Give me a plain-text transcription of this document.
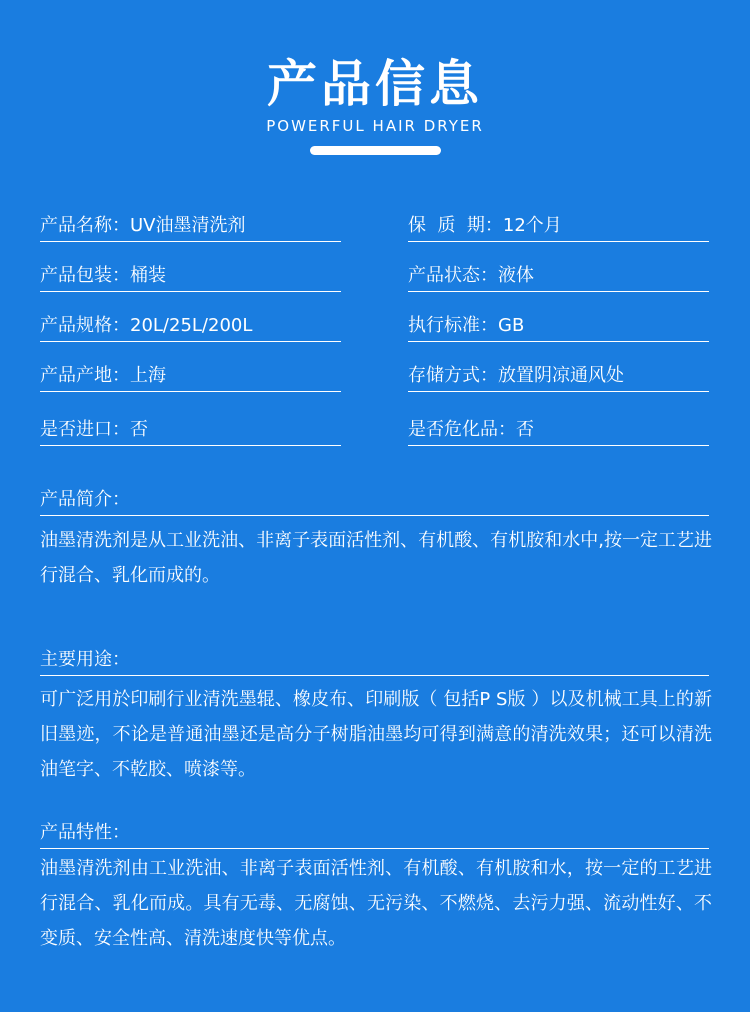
产品信息
POWERFUL HAIR DRYER
产品名称：UV油墨清洗剂	保  质  期：12个月
产品包装：桶装	产品状态：液体
产品规格：20L/25L/200L	执行标准：GB
产品产地：上海	存储方式：放置阴凉通风处
是否进口：否	是否危化品：否
产品简介：
油墨清洗剂是从工业洗油、非离子表面活性剂、有机酸、有机胺和水中,按一定工艺进行混合、乳化而成的。
主要用途：
可广泛用於印刷行业清洗墨辊、橡皮布、印刷版（ 包括P S版 ）以及机械工具上的新旧墨迹，不论是普通油墨还是高分子树脂油墨均可得到满意的清洗效果；还可以清洗油笔字、不乾胶、喷漆等。
产品特性：
油墨清洗剂由工业洗油、非离子表面活性剂、有机酸、有机胺和水，按一定的工艺进行混合、乳化而成。具有无毒、无腐蚀、无污染、不燃烧、去污力强、流动性好、不变质、安全性高、清洗速度快等优点。
